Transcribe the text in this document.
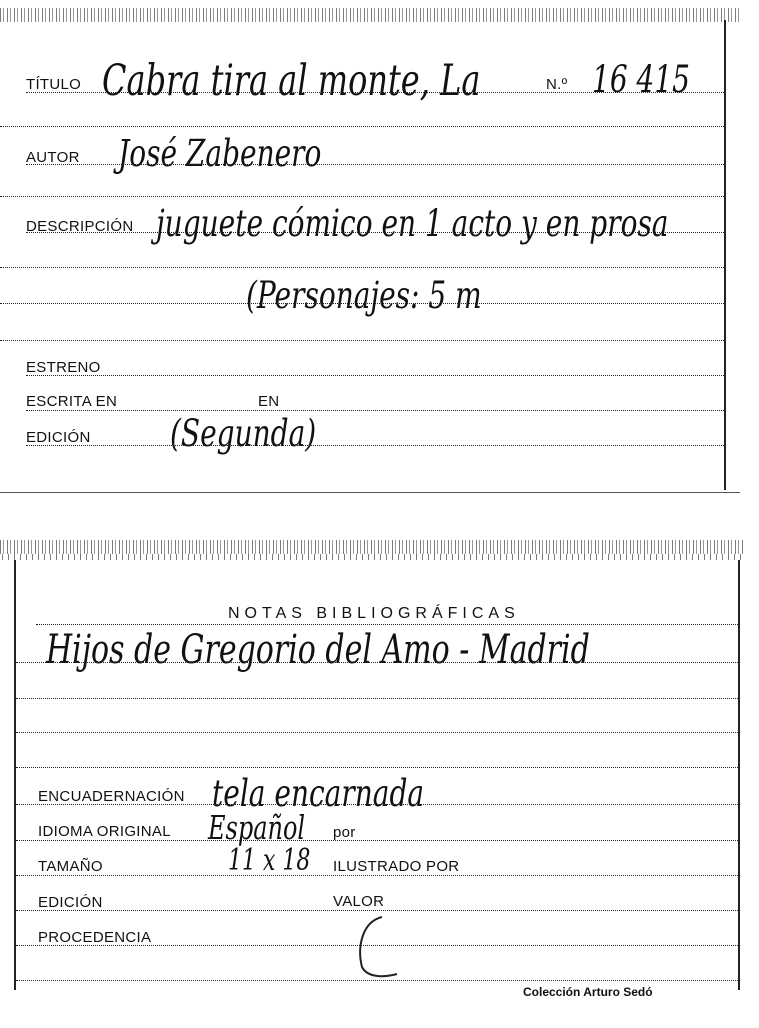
TÍTULO Cabra tira al monte, La	N.º 16 415
AUTOR José Zabenero
DESCRIPCIÓN juguete cómico en 1 acto y en prosa
(Personajes: 5 m
ESTRENO
ESCRITA EN	EN
EDICIÓN	(Segunda)
NOTAS BIBLIOGRÁFICAS
Hijos de Gregorio del Amo - Madrid
ENCUADERNACIÓN tela encarnada
IDIOMA ORIGINAL Español por
TAMAÑO	11 x 18 ILUSTRADO POR
EDICIÓN	VALOR
PROCEDENCIA
Colección Arturo Sedó
